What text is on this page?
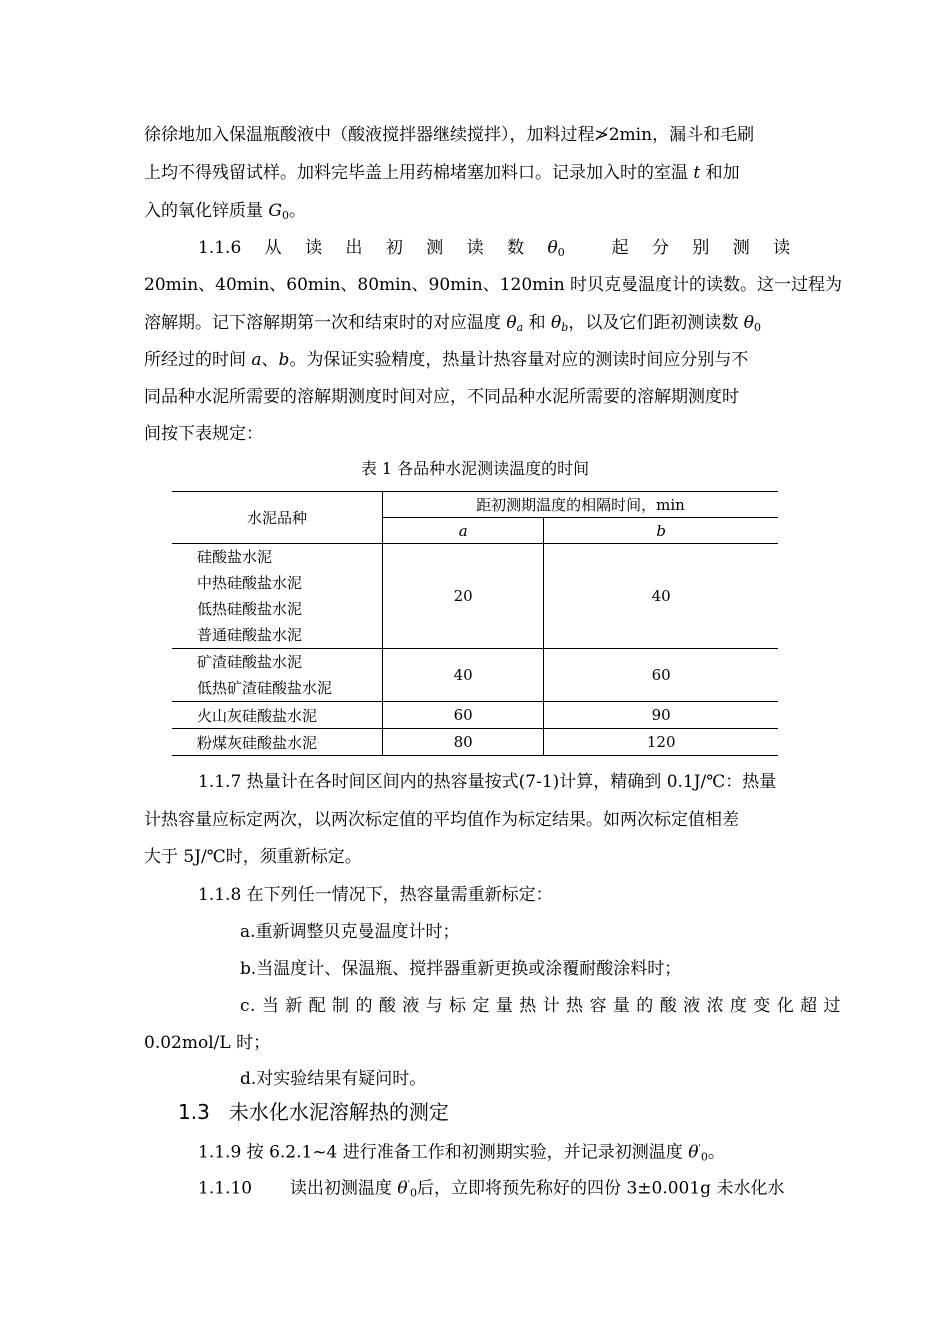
徐徐地加入保温瓶酸液中（酸液搅拌器继续搅拌），加料过程≯2min，漏斗和毛刷
上均不得残留试样。加料完毕盖上用药棉堵塞加料口。记录加入时的室温 t 和加
入的氧化锌质量 $G_0$。
1.1.6 从 读 出 初 测 读 数 $\theta_0$	起 分 别 测 读
20min、40min、60min、80min、90min、120min 时贝克曼温度计的读数。这一过程为
溶解期。记下溶解期第一次和结束时的对应温度 $\theta_a$ 和 $\theta_b$，以及它们距初测读数 $\theta_0$
所经过的时间 a、b。为保证实验精度，热量计热容量对应的测读时间应分别与不
同品种水泥所需要的溶解期测度时间对应，不同品种水泥所需要的溶解期测度时
间按下表规定：
表 1 各品种水泥测读温度的时间
水泥品种	距初测期温度的相隔时间，min	
	a	b

硅酸盐水泥
中热硅酸盐水泥
低热硅酸盐水泥
普通硅酸盐水泥	20	40

矿渣硅酸盐水泥
低热矿渣硅酸盐水泥	40	60
火山灰硅酸盐水泥	60	90
粉煤灰硅酸盐水泥	80	120
1.1.7 热量计在各时间区间内的热容量按式(7-1)计算，精确到 0.1J/℃：热量
计热容量应标定两次，以两次标定值的平均值作为标定结果。如两次标定值相差
大于 5J/℃时，须重新标定。
1.1.8 在下列任一情况下，热容量需重新标定：
a.重新调整贝克曼温度计时；
b.当温度计、保温瓶、搅拌器重新更换或涂覆耐酸涂料时；
c. 当 新 配 制 的 酸 液 与 标 定 量 热 计 热 容 量 的 酸 液 浓 度 变 化 超 过
0.02mol/L 时；
d.对实验结果有疑问时。
1.3   未水化水泥溶解热的测定
1.1.9 按 6.2.1~4 进行准备工作和初测期实验，并记录初测温度 $\theta'_0$。
1.1.10       读出初测温度 $\theta'_0$后，立即将预先称好的四份 3±0.001g 未水化水
